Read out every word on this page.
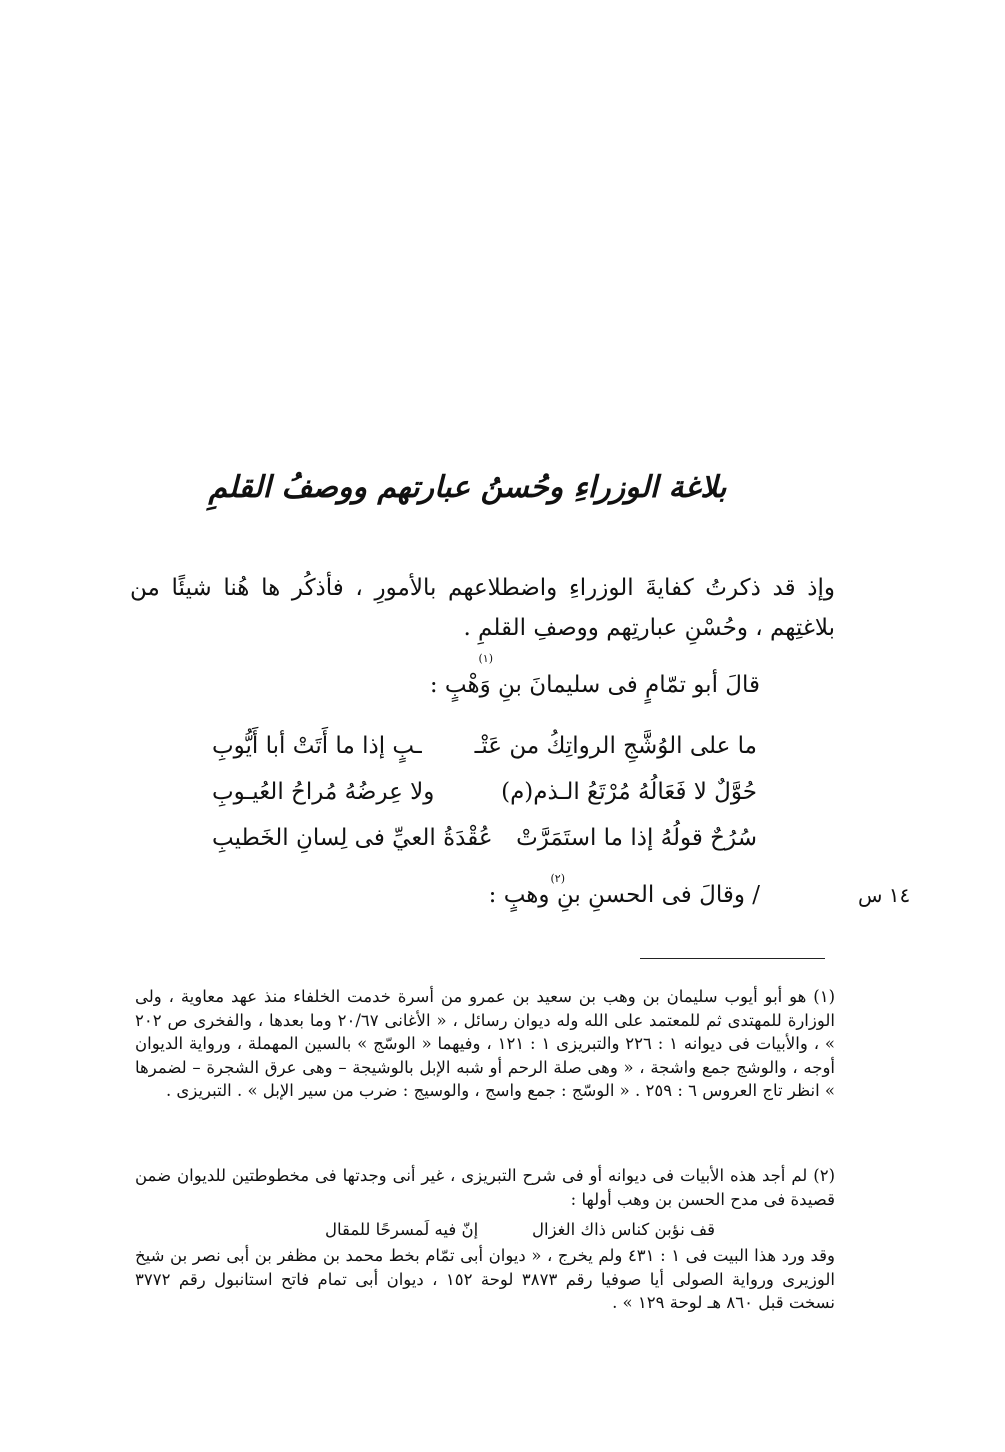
بلاغة الوزراءِ وحُسنُ عبارتهم ووصفُ القلمِ
وإذ قد ذكرتُ كفايةَ الوزراءِ واضطلاعهم بالأمورِ ، فأذكُر ها هُنا شيئًا من بلاغتِهم ، وحُسْنِ عبارتِهم ووصفِ القلمِ .
قالَ أبو تمّامٍ فى سليمانَ بنِ وَهْبٍ :
(١)
ما على الوُشَّجِ الرواتِكُ من عَتْـ
ـبٍ إذا ما أَتَتْ أبا أَيُّوبِ
حُوَّلٌ لا فَعَالُهُ مُرْتَعُ الـذم(م)
ولا عِرضُهُ مُراحُ العُيـوبِ
سُرُحٌ قولُهُ إذا ما استَمَرَّتْ
عُقْدَةُ العيِّ فى لِسانِ الخَطيبِ
(٢)
/ وقالَ فى الحسنِ بنِ وهبٍ :	١٤ س
(١) هو أبو أيوب سليمان بن وهب بن سعيد بن عمرو من أسرة خدمت الخلفاء منذ عهد معاوية ، ولى الوزارة للمهتدى ثم للمعتمد على الله وله ديوان رسائل ، « الأغانى ٢٠/٦٧ وما بعدها ، والفخرى ص ٢٠٢ » ، والأبيات فى ديوانه ١ : ٢٢٦ والتبريزى ١ : ١٢١ ، وفيهما « الوسّج » بالسين المهملة ، ورواية الديوان أوجه ، والوشج جمع واشجة ، « وهى صلة الرحم أو شبه الإبل بالوشيجة – وهى عرق الشجرة – لضمرها » انظر تاج العروس ٦ : ٢٥٩ . « الوسّج : جمع واسج ، والوسيج : ضرب من سير الإبل » . التبريزى .
(٢) لم أجد هذه الأبيات فى ديوانه أو فى شرح التبريزى ، غير أنى وجدتها فى مخطوطتين للديوان ضمن قصيدة فى مدح الحسن بن وهب أولها :
قف نؤبن كناس ذاك الغزال
إنّ فيه لَمسرحًا للمقال
وقد ورد هذا البيت فى ١ : ٤٣١ ولم يخرج ، « ديوان أبى تمّام بخط محمد بن مظفر بن أبى نصر بن شيخ الوزيرى ورواية الصولى أيا صوفيا رقم ٣٨٧٣ لوحة ١٥٢ ، ديوان أبى تمام فاتح استانبول رقم ٣٧٧٢ نسخت قبل ٨٦٠ هـ لوحة ١٢٩ » .
